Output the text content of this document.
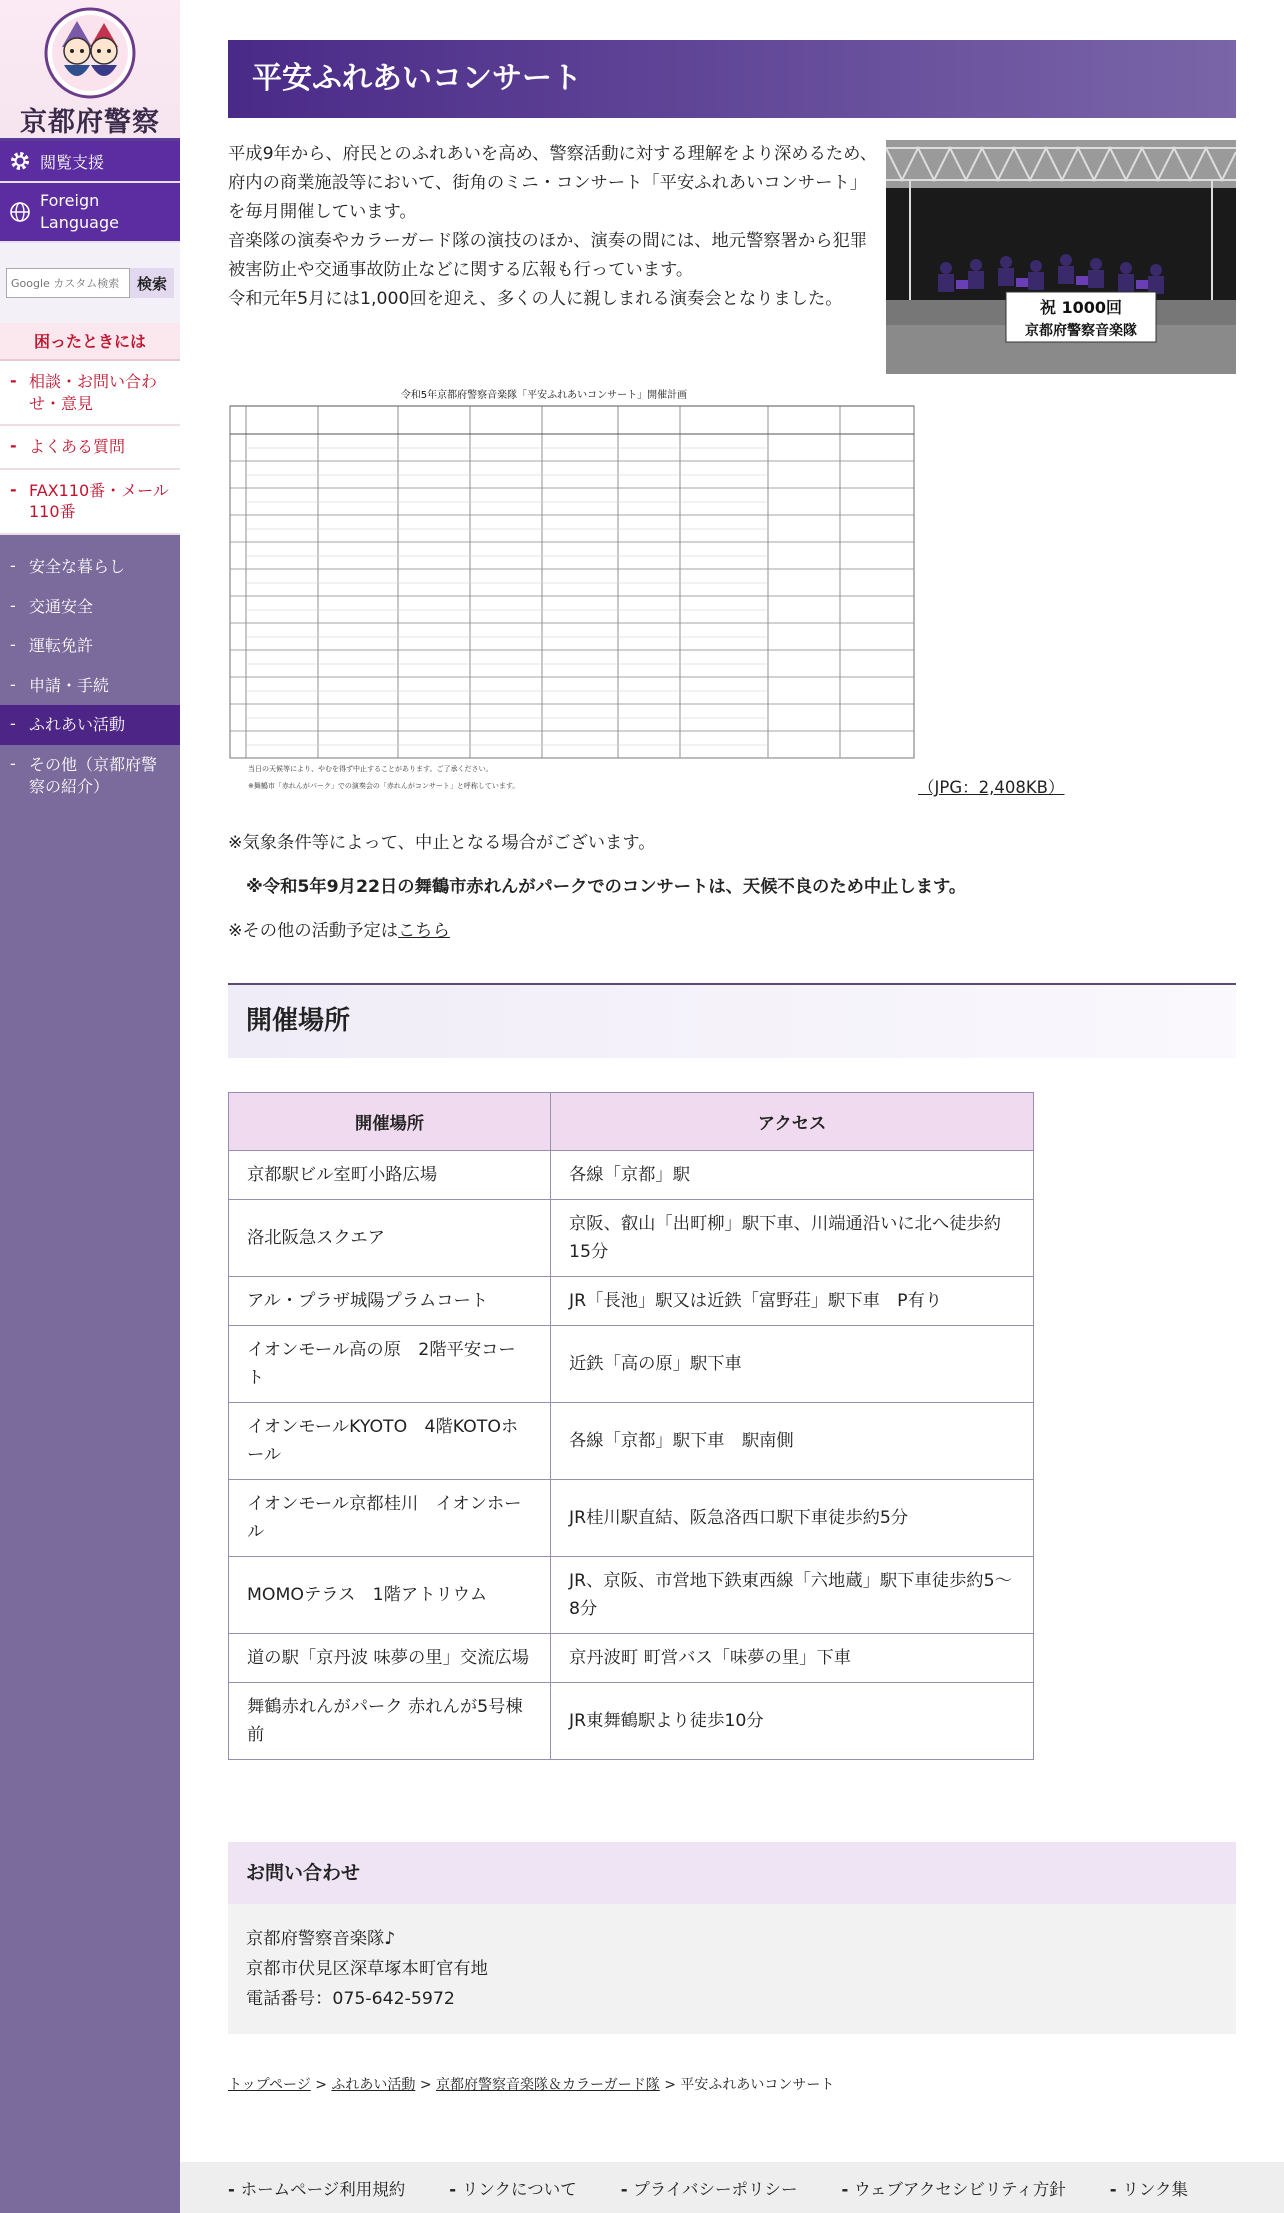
京都府警察
閲覧支援
Foreign Language
Google カスタム検索
検索
困ったときには
- 相談・お問い合わせ・意見
- よくある質問
- FAX110番・メール110番
- 安全な暮らし
- 交通安全
- 運転免許
- 申請・手続
- ふれあい活動
- その他（京都府警察の紹介）
平安ふれあいコンサート

平成9年から、府民とのふれあいを高め、警察活動に対する理解をより深めるため、府内の商業施設等において、街角のミニ・コンサート「平安ふれあいコンサート」を毎月開催しています。

音楽隊の演奏やカラーガード隊の演技のほか、演奏の間には、地元警察署から犯罪被害防止や交通事故防止などに関する広報も行っています。

令和元年5月には1,000回を迎え、多くの人に親しまれる演奏会となりました。	祝 1000回
京都府警察音楽隊
令和5年京都府警察音楽隊「平安ふれあいコンサート」開催計画
当日の天候等により、やむを得ず中止することがあります。ご了承ください。
※舞鶴市「赤れんがパーク」での演奏会の「赤れんがコンサート」と呼称しています。	（JPG：2,408KB）

※気象条件等によって、中止となる場合がございます。

※令和5年9月22日の舞鶴市赤れんがパークでのコンサートは、天候不良のため中止します。

※その他の活動予定はこちら

開催場所
開催場所	アクセス
京都駅ビル室町小路広場	各線「京都」駅
洛北阪急スクエア	京阪、叡山「出町柳」駅下車、川端通沿いに北へ徒歩約15分
アル・プラザ城陽プラムコート	JR「長池」駅又は近鉄「富野荘」駅下車　P有り
イオンモール高の原　2階平安コート	近鉄「高の原」駅下車
イオンモールKYOTO　4階KOTOホール	各線「京都」駅下車　駅南側
イオンモール京都桂川　イオンホール	JR桂川駅直結、阪急洛西口駅下車徒歩約5分
MOMOテラス　1階アトリウム	JR、京阪、市営地下鉄東西線「六地蔵」駅下車徒歩約5〜8分
道の駅「京丹波 味夢の里」交流広場	京丹波町 町営バス「味夢の里」下車
舞鶴赤れんがパーク 赤れんが5号棟前	JR東舞鶴駅より徒歩10分
お問い合わせ
京都府警察音楽隊♪
京都市伏見区深草塚本町官有地
電話番号：075-642-5972
トップページ > ふれあい活動 > 京都府警察音楽隊＆カラーガード隊 > 平安ふれあいコンサート
- ホームページ利用規約	- リンクについて	- プライバシーポリシー	- ウェブアクセシビリティ方針	- リンク集
